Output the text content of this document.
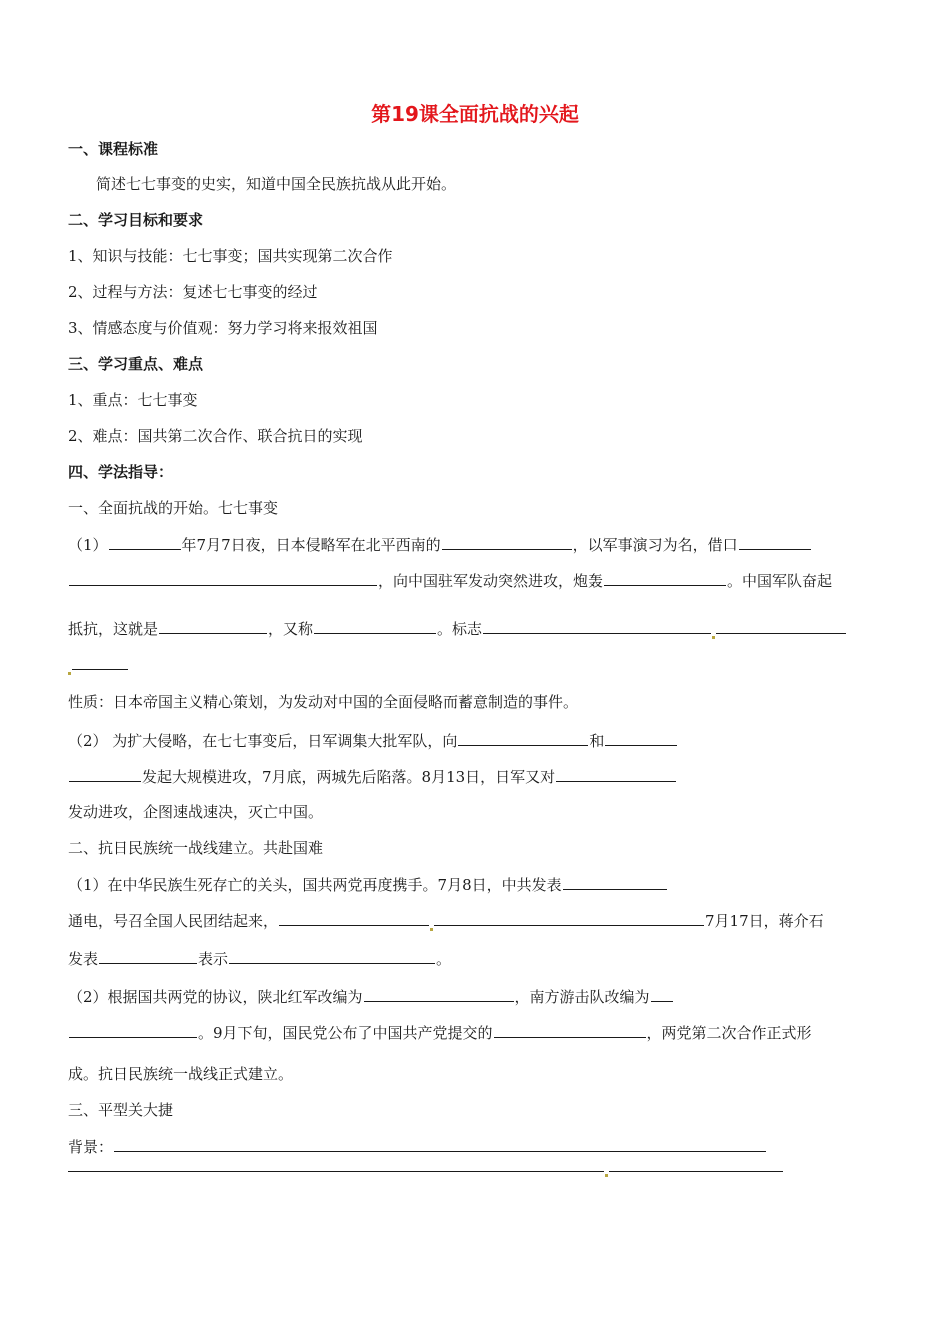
第19课全面抗战的兴起
一、课程标准
简述七七事变的史实，知道中国全民族抗战从此开始。
二、学习目标和要求
1、知识与技能：七七事变；国共实现第二次合作
2、过程与方法：复述七七事变的经过
3、情感态度与价值观：努力学习将来报效祖国
三、学习重点、难点
1、重点：七七事变
2、难点：国共第二次合作、联合抗日的实现
四、学法指导：
一、全面抗战的开始。七七事变
（1）	年7月7日夜，日本侵略军在北平西南的	，以军事演习为名，借口
，向中国驻军发动突然进攻，炮轰	。中国军队奋起
抵抗，这就是	，又称	。标志
性质：日本帝国主义精心策划，为发动对中国的全面侵略而蓄意制造的事件。
（2） 为扩大侵略，在七七事变后，日军调集大批军队，向	和
发起大规模进攻，7月底，两城先后陷落。8月13日，日军又对
发动进攻，企图速战速决，灭亡中国。
二、抗日民族统一战线建立。共赴国难
（1）在中华民族生死存亡的关头，国共两党再度携手。7月8日，中共发表
通电，号召全国人民团结起来，	7月17日，蒋介石
发表	表示	。
（2）根据国共两党的协议，陕北红军改编为	，南方游击队改编为
。9月下旬，国民党公布了中国共产党提交的	，两党第二次合作正式形
成。抗日民族统一战线正式建立。
三、平型关大捷
背景：
